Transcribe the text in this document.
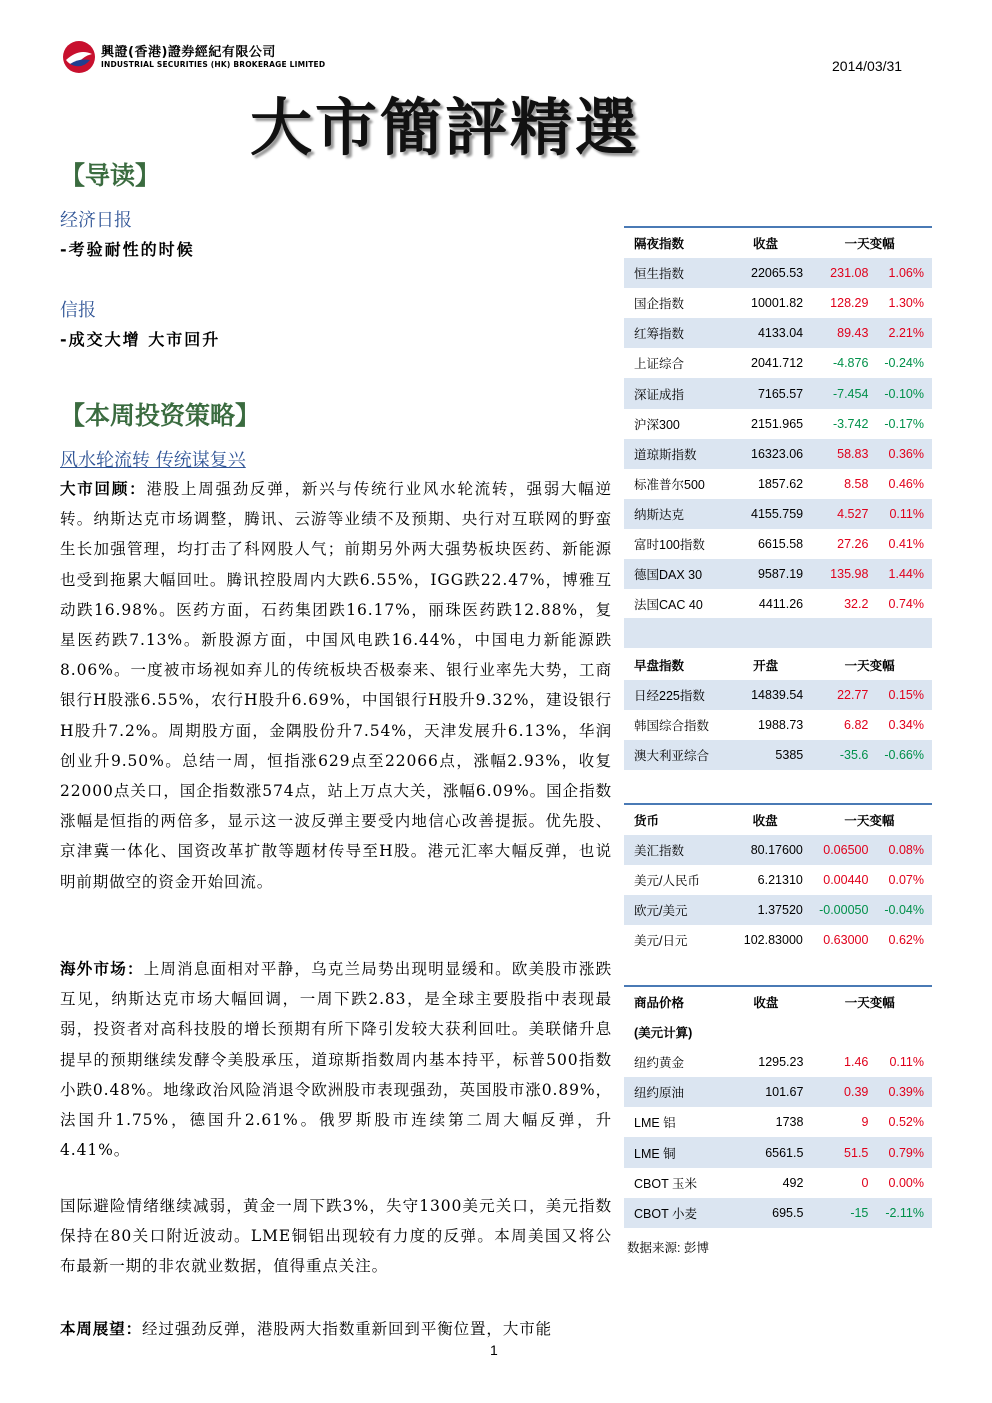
興證(香港)證券經紀有限公司
INDUSTRIAL SECURITIES (HK) BROKERAGE LIMITED	2014/03/31
大市簡評精選
【导读】
经济日报
-考验耐性的时候
信报
-成交大增 大市回升
【本周投资策略】
风水轮流转 传统谋复兴
大市回顾：港股上周强劲反弹，新兴与传统行业风水轮流转，强弱大幅逆转。纳斯达克市场调整，腾讯、云游等业绩不及预期、央行对互联网的野蛮生长加强管理，均打击了科网股人气；前期另外两大强势板块医药、新能源也受到拖累大幅回吐。腾讯控股周内大跌6.55%，IGG跌22.47%，博雅互动跌16.98%。医药方面，石药集团跌16.17%，丽珠医药跌12.88%，复星医药跌7.13%。新股源方面，中国风电跌16.44%，中国电力新能源跌8.06%。一度被市场视如弃儿的传统板块否极泰来、银行业率先大势，工商银行H股涨6.55%，农行H股升6.69%，中国银行H股升9.32%，建设银行H股升7.2%。周期股方面，金隅股份升7.54%，天津发展升6.13%，华润创业升9.50%。总结一周，恒指涨629点至22066点，涨幅2.93%，收复22000点关口，国企指数涨574点，站上万点大关，涨幅6.09%。国企指数涨幅是恒指的两倍多，显示这一波反弹主要受内地信心改善提振。优先股、京津冀一体化、国资改革扩散等题材传导至H股。港元汇率大幅反弹，也说明前期做空的资金开始回流。
海外市场：上周消息面相对平静，乌克兰局势出现明显缓和。欧美股市涨跌互见，纳斯达克市场大幅回调，一周下跌2.83，是全球主要股指中表现最弱，投资者对高科技股的增长预期有所下降引发较大获利回吐。美联储升息提早的预期继续发酵令美股承压，道琼斯指数周内基本持平，标普500指数小跌0.48%。地缘政治风险消退令欧洲股市表现强劲，英国股市涨0.89%，法国升1.75%，德国升2.61%。俄罗斯股市连续第二周大幅反弹，升4.41%。
国际避险情绪继续减弱，黄金一周下跌3%，失守1300美元关口，美元指数保持在80关口附近波动。LME铜铝出现较有力度的反弹。本周美国又将公布最新一期的非农就业数据，值得重点关注。
本周展望：经过强劲反弹，港股两大指数重新回到平衡位置，大市能
隔夜指数	收盘	一天变幅	
恒生指数	22065.53	231.08	1.06%
国企指数	10001.82	128.29	1.30%
红筹指数	4133.04	89.43	2.21%
上证综合	2041.712	-4.876	-0.24%
深证成指	7165.57	-7.454	-0.10%
沪深300	2151.965	-3.742	-0.17%
道琼斯指数	16323.06	58.83	0.36%
标准普尔500	1857.62	8.58	0.46%
纳斯达克	4155.759	4.527	0.11%
富时100指数	6615.58	27.26	0.41%
德国DAX 30	9587.19	135.98	1.44%
法国CAC 40	4411.26	32.2	0.74%
早盘指数	开盘	一天变幅	
日经225指数	14839.54	22.77	0.15%
韩国综合指数	1988.73	6.82	0.34%
澳大利亚综合	5385	-35.6	-0.66%
货币	收盘	一天变幅	
美汇指数	80.17600	0.06500	0.08%
美元/人民币	6.21310	0.00440	0.07%
欧元/美元	1.37520	-0.00050	-0.04%
美元/日元	102.83000	0.63000	0.62%
商品价格	收盘	一天变幅	
(美元计算)			
纽约黄金	1295.23	1.46	0.11%
纽约原油	101.67	0.39	0.39%
LME 铝	1738	9	0.52%
LME 铜	6561.5	51.5	0.79%
CBOT 玉米	492	0	0.00%
CBOT 小麦	695.5	-15	-2.11%
数据来源: 彭博
1
